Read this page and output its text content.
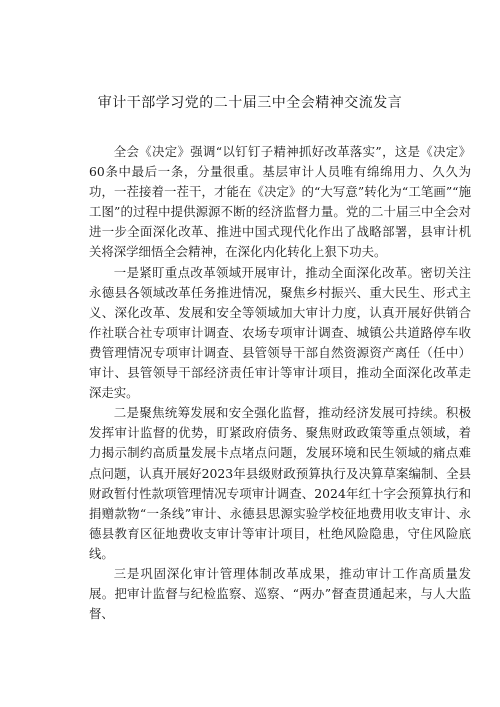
审计干部学习党的二十届三中全会精神交流发言

全会《决定》强调“以钉钉子精神抓好改革落实”，这是《决定》60条中最后一条，分量很重。基层审计人员唯有绵绵用力、久久为功，一茬接着一茬干，才能在《决定》的“大写意”转化为“工笔画”“施工图”的过程中提供源源不断的经济监督力量。党的二十届三中全会对进一步全面深化改革、推进中国式现代化作出了战略部署，县审计机关将深学细悟全会精神，在深化内化转化上狠下功夫。

一是紧盯重点改革领域开展审计，推动全面深化改革。密切关注永德县各领域改革任务推进情况，聚焦乡村振兴、重大民生、形式主义、深化改革、发展和安全等领域加大审计力度，认真开展好供销合作社联合社专项审计调查、农场专项审计调查、城镇公共道路停车收费管理情况专项审计调查、县管领导干部自然资源资产离任（任中）审计、县管领导干部经济责任审计等审计项目，推动全面深化改革走深走实。

二是聚焦统筹发展和安全强化监督，推动经济发展可持续。积极发挥审计监督的优势，盯紧政府债务、聚焦财政政策等重点领域，着力揭示制约高质量发展卡点堵点问题，发展环境和民生领域的痛点难点问题，认真开展好2023年县级财政预算执行及决算草案编制、全县财政暂付性款项管理情况专项审计调查、2024年红十字会预算执行和捐赠款物“一条线”审计、永德县思源实验学校征地费用收支审计、永德县教育区征地费收支审计等审计项目，杜绝风险隐患，守住风险底线。

三是巩固深化审计管理体制改革成果，推动审计工作高质量发展。把审计监督与纪检监察、巡察、“两办”督查贯通起来，与人大监督、
